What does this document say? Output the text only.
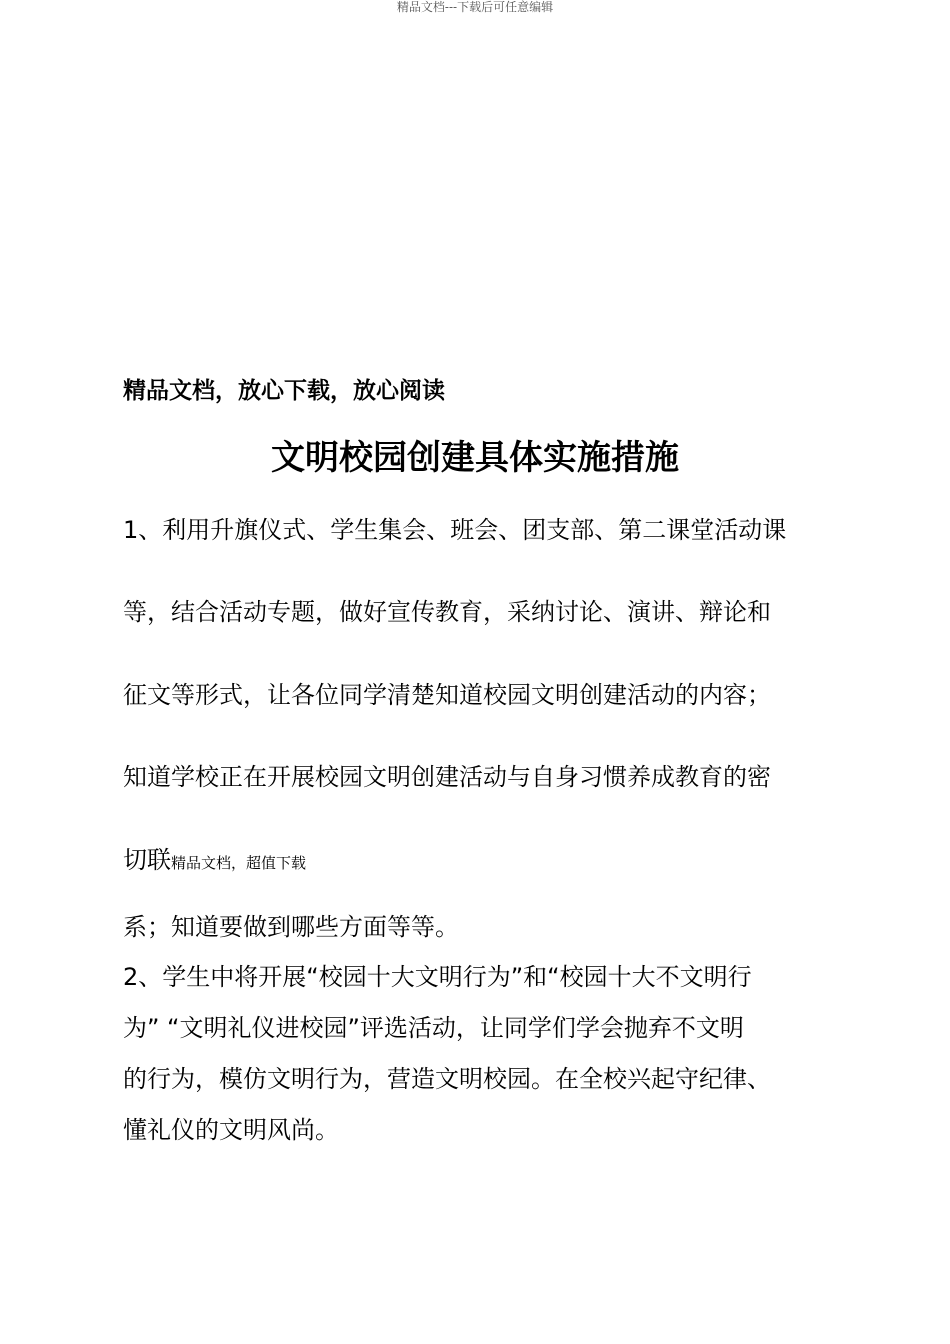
精品文档---下载后可任意编辑
精品文档，放心下载，放心阅读
文明校园创建具体实施措施
1、利用升旗仪式、学生集会、班会、团支部、第二课堂活动课
等，结合活动专题，做好宣传教育，采纳讨论、演讲、辩论和
征文等形式，让各位同学清楚知道校园文明创建活动的内容；
知道学校正在开展校园文明创建活动与自身习惯养成教育的密
切联精品文档，超值下载
系；知道要做到哪些方面等等。
2、学生中将开展“校园十大文明行为”和“校园十大不文明行
为” “文明礼仪进校园”评选活动，让同学们学会抛弃不文明
的行为，模仿文明行为，营造文明校园。在全校兴起守纪律、
懂礼仪的文明风尚。
